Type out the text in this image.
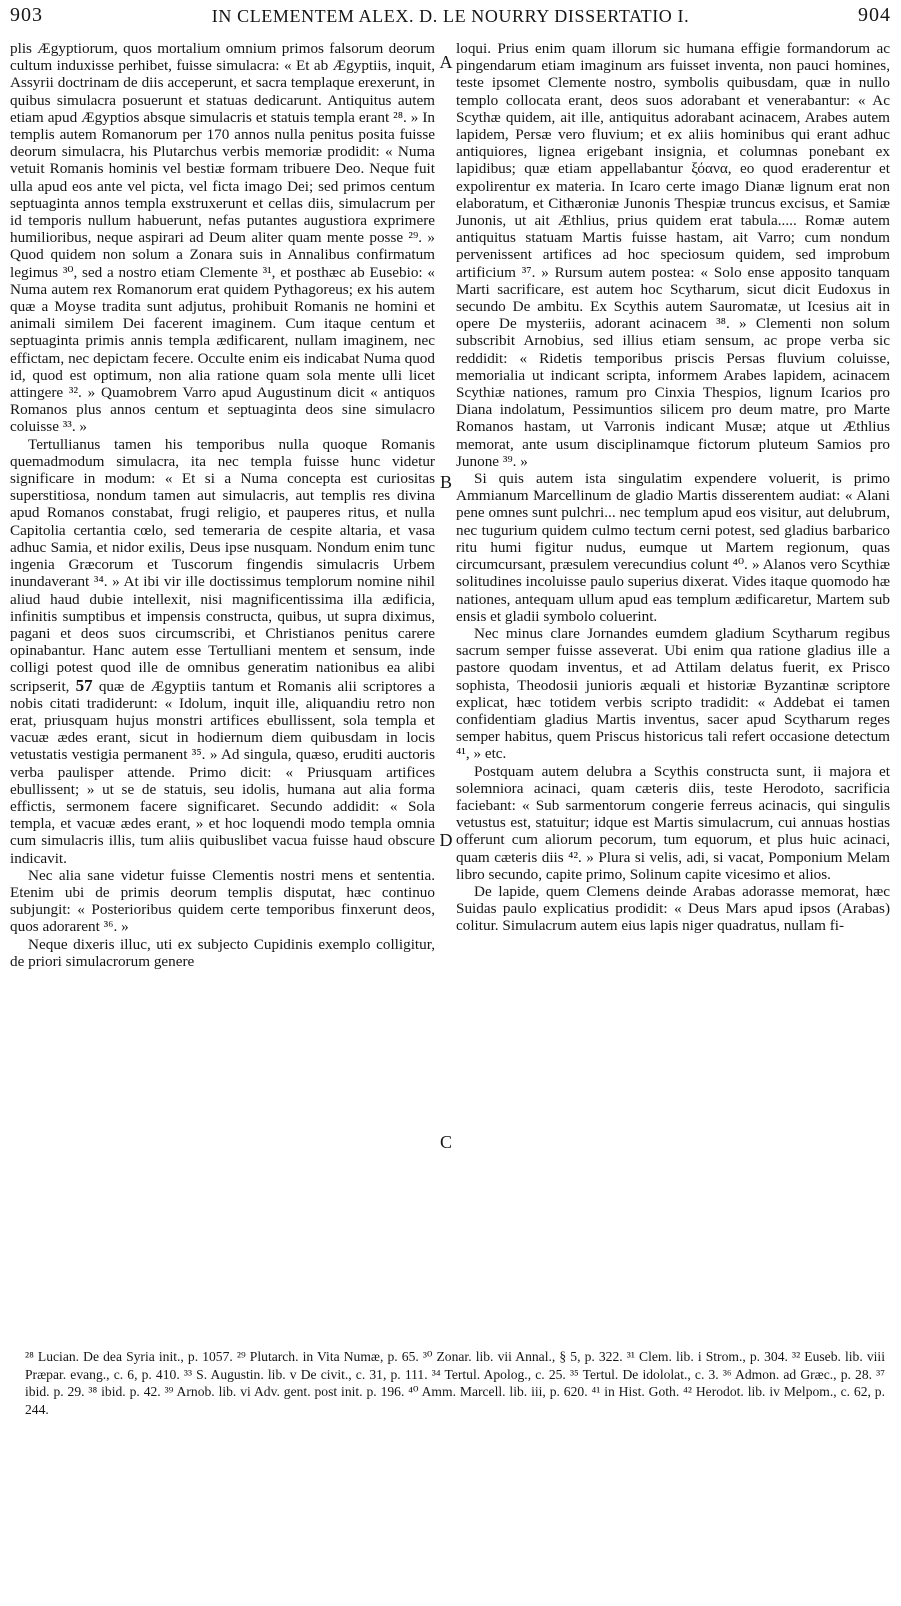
903	IN CLEMENTEM ALEX. D. LE NOURRY DISSERTATIO I.	904

plis Ægyptiorum, quos mortalium omnium primos falsorum deorum cultum induxisse perhibet, fuisse simulacra: « Et ab Ægyptiis, inquit, Assyrii doctrinam de diis acceperunt, et sacra templaque erexerunt, in quibus simulacra posuerunt et statuas dedicarunt. Antiquitus autem etiam apud Ægyptios absque simulacris et statuis templa erant ²⁸. » In templis autem Romanorum per 170 annos nulla penitus posita fuisse deorum simulacra, his Plutarchus verbis memoriæ prodidit: « Numa vetuit Romanis hominis vel bestiæ formam tribuere Deo. Neque fuit ulla apud eos ante vel picta, vel ficta imago Dei; sed primos centum septuaginta annos templa exstruxerunt et cellas diis, simulacrum per id temporis nullum habuerunt, nefas putantes augustiora exprimere humilioribus, neque aspirari ad Deum aliter quam mente posse ²⁹. » Quod quidem non solum a Zonara suis in Annalibus confirmatum legimus ³⁰, sed a nostro etiam Clemente ³¹, et posthæc ab Eusebio: « Numa autem rex Romanorum erat quidem Pythagoreus; ex his autem quæ a Moyse tradita sunt adjutus, prohibuit Romanis ne homini et animali similem Dei facerent imaginem. Cum itaque centum et septuaginta primis annis templa ædificarent, nullam imaginem, nec effictam, nec depictam fecere. Occulte enim eis indicabat Numa quod id, quod est optimum, non alia ratione quam sola mente ulli licet attingere ³². » Quamobrem Varro apud Augustinum dicit « antiquos Romanos plus annos centum et septuaginta deos sine simulacro coluisse ³³. »

Tertullianus tamen his temporibus nulla quoque Romanis quemadmodum simulacra, ita nec templa fuisse hunc videtur significare in modum: « Et si a Numa concepta est curiositas superstitiosa, nondum tamen aut simulacris, aut templis res divina apud Romanos constabat, frugi religio, et pauperes ritus, et nulla Capitolia certantia cœlo, sed temeraria de cespite altaria, et vasa adhuc Samia, et nidor exilis, Deus ipse nusquam. Nondum enim tunc ingenia Græcorum et Tuscorum fingendis simulacris Urbem inundaverant ³⁴. » At ibi vir ille doctissimus templorum nomine nihil aliud haud dubie intellexit, nisi magnificentissima illa ædificia, infinitis sumptibus et impensis constructa, quibus, ut supra diximus, pagani et deos suos circumscribi, et Christianos penitus carere opinabantur. Hanc autem esse Tertulliani mentem et sensum, inde colligi potest quod ille de omnibus generatim nationibus ea alibi scripserit, 57 quæ de Ægyptiis tantum et Romanis alii scriptores a nobis citati tradiderunt: « Idolum, inquit ille, aliquandiu retro non erat, priusquam hujus monstri artifices ebullissent, sola templa et vacuæ ædes erant, sicut in hodiernum diem quibusdam in locis vetustatis vestigia permanent ³⁵. » Ad singula, quæso, eruditi auctoris verba paulisper attende. Primo dicit: « Priusquam artifices ebullissent; » ut se de statuis, seu idolis, humana aut alia forma effictis, sermonem facere significaret. Secundo addidit: « Sola templa, et vacuæ ædes erant, » et hoc loquendi modo templa omnia cum simulacris illis, tum aliis quibuslibet vacua fuisse haud obscure indicavit.

Nec alia sane videtur fuisse Clementis nostri mens et sententia. Etenim ubi de primis deorum templis disputat, hæc continuo subjungit: « Posterioribus quidem certe temporibus finxerunt deos, quos adorarent ³⁶. »

Neque dixeris illuc, uti ex subjecto Cupidinis exemplo colligitur, de priori simulacrorum genere

A
B
C
D

loqui. Prius enim quam illorum sic humana effigie formandorum ac pingendarum etiam imaginum ars fuisset inventa, non pauci homines, teste ipsomet Clemente nostro, symbolis quibusdam, quæ in nullo templo collocata erant, deos suos adorabant et venerabantur: « Ac Scythæ quidem, ait ille, antiquitus adorabant acinacem, Arabes autem lapidem, Persæ vero fluvium; et ex aliis hominibus qui erant adhuc antiquiores, lignea erigebant insignia, et columnas ponebant ex lapidibus; quæ etiam appellabantur ξόανα, eo quod eraderentur et expolirentur ex materia. In Icaro certe imago Dianæ lignum erat non elaboratum, et Cithæroniæ Junonis Thespiæ truncus excisus, et Samiæ Junonis, ut ait Æthlius, prius quidem erat tabula..... Romæ autem antiquitus statuam Martis fuisse hastam, ait Varro; cum nondum pervenissent artifices ad hoc speciosum quidem, sed improbum artificium ³⁷. » Rursum autem postea: « Solo ense apposito tanquam Marti sacrificare, est autem hoc Scytharum, sicut dicit Eudoxus in secundo De ambitu. Ex Scythis autem Sauromatæ, ut Icesius ait in opere De mysteriis, adorant acinacem ³⁸. » Clementi non solum subscribit Arnobius, sed illius etiam sensum, ac prope verba sic reddidit: « Ridetis temporibus priscis Persas fluvium coluisse, memorialia ut indicant scripta, informem Arabes lapidem, acinacem Scythiæ nationes, ramum pro Cinxia Thespios, lignum Icarios pro Diana indolatum, Pessimuntios silicem pro deum matre, pro Marte Romanos hastam, ut Varronis indicant Musæ; atque ut Æthlius memorat, ante usum disciplinamque fictorum pluteum Samios pro Junone ³⁹. »

Si quis autem ista singulatim expendere voluerit, is primo Ammianum Marcellinum de gladio Martis disserentem audiat: « Alani pene omnes sunt pulchri... nec templum apud eos visitur, aut delubrum, nec tugurium quidem culmo tectum cerni potest, sed gladius barbarico ritu humi figitur nudus, eumque ut Martem regionum, quas circumcursant, præsulem verecundius colunt ⁴⁰. » Alanos vero Scythiæ solitudines incoluisse paulo superius dixerat. Vides itaque quomodo hæ nationes, antequam ullum apud eas templum ædificaretur, Martem sub ensis et gladii symbolo coluerint.

Nec minus clare Jornandes eumdem gladium Scytharum regibus sacrum semper fuisse asseverat. Ubi enim qua ratione gladius ille a pastore quodam inventus, et ad Attilam delatus fuerit, ex Prisco sophista, Theodosii junioris æquali et historiæ Byzantinæ scriptore explicat, hæc totidem verbis scripto tradidit: « Addebat ei tamen confidentiam gladius Martis inventus, sacer apud Scytharum reges semper habitus, quem Priscus historicus tali refert occasione detectum ⁴¹, » etc.

Postquam autem delubra a Scythis constructa sunt, ii majora et solemniora acinaci, quam cæteris diis, teste Herodoto, sacrificia faciebant: « Sub sarmentorum congerie ferreus acinacis, qui singulis vetustus est, statuitur; idque est Martis simulacrum, cui annuas hostias offerunt cum aliorum pecorum, tum equorum, et plus huic acinaci, quam cæteris diis ⁴². » Plura si velis, adi, si vacat, Pomponium Melam libro secundo, capite primo, Solinum capite vicesimo et alios.

De lapide, quem Clemens deinde Arabas adorasse memorat, hæc Suidas paulo explicatius prodidit: « Deus Mars apud ipsos (Arabas) colitur. Simulacrum autem eius lapis niger quadratus, nullam fi-

²⁸ Lucian. De dea Syria init., p. 1057. ²⁹ Plutarch. in Vita Numæ, p. 65. ³⁰ Zonar. lib. vii Annal., § 5, p. 322. ³¹ Clem. lib. i Strom., p. 304. ³² Euseb. lib. viii Præpar. evang., c. 6, p. 410. ³³ S. Augustin. lib. v De civit., c. 31, p. 111. ³⁴ Tertul. Apolog., c. 25. ³⁵ Tertul. De idololat., c. 3. ³⁶ Admon. ad Græc., p. 28. ³⁷ ibid. p. 29. ³⁸ ibid. p. 42. ³⁹ Arnob. lib. vi Adv. gent. post init. p. 196. ⁴⁰ Amm. Marcell. lib. iii, p. 620. ⁴¹ in Hist. Goth. ⁴² Herodot. lib. iv Melpom., c. 62, p. 244.
